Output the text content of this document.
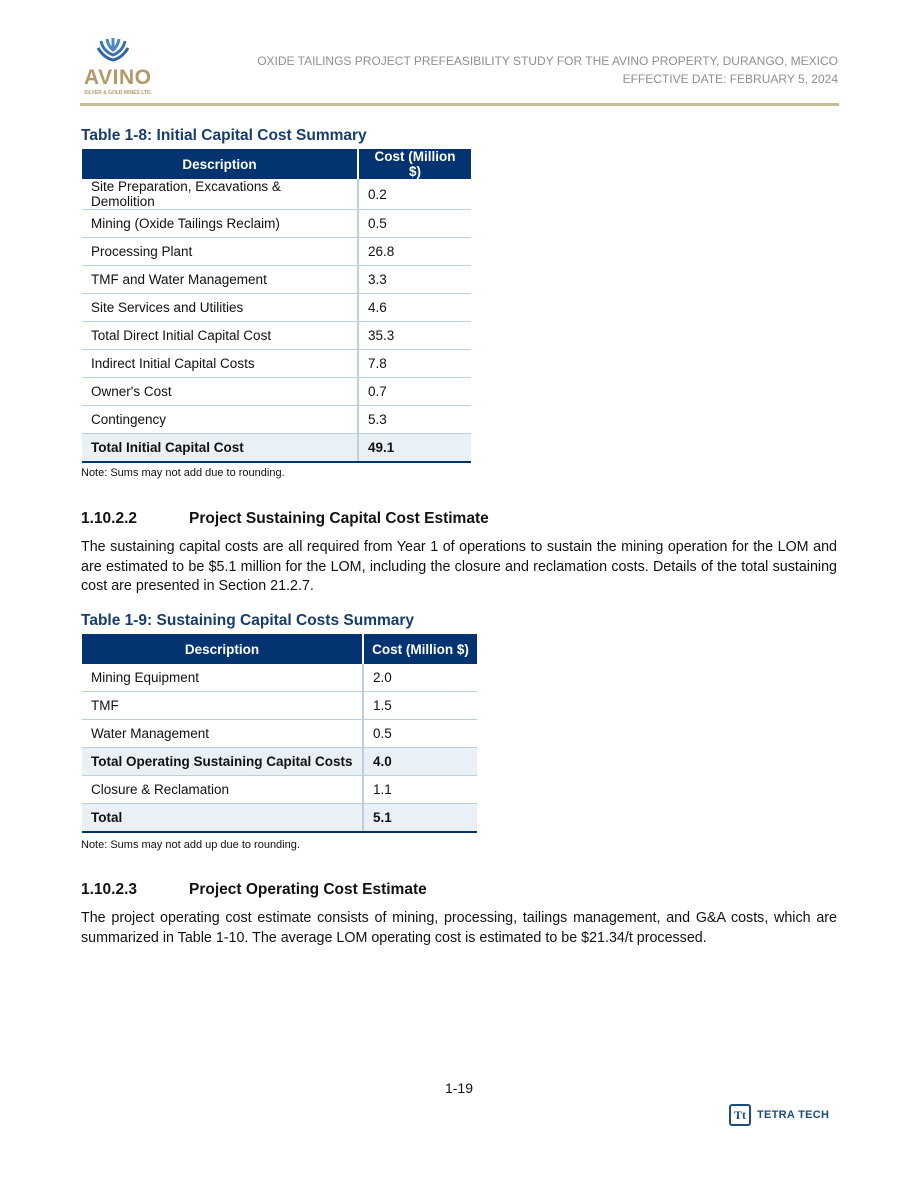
AVINO
SILVER & GOLD MINES LTD.
OXIDE TAILINGS PROJECT PREFEASIBILITY STUDY FOR THE AVINO PROPERTY, DURANGO, MEXICO
EFFECTIVE DATE: FEBRUARY 5, 2024
Table 1-8: Initial Capital Cost Summary
Description	Cost (Million $)
Site Preparation, Excavations & Demolition	0.2
Mining (Oxide Tailings Reclaim)	0.5
Processing Plant	26.8
TMF and Water Management	3.3
Site Services and Utilities	4.6
Total Direct Initial Capital Cost	35.3
Indirect Initial Capital Costs	7.8
Owner's Cost	0.7
Contingency	5.3
Total Initial Capital Cost	49.1
Note: Sums may not add due to rounding.
1.10.2.2	Project Sustaining Capital Cost Estimate
The sustaining capital costs are all required from Year 1 of operations to sustain the mining operation for the LOM and are estimated to be $5.1 million for the LOM, including the closure and reclamation costs. Details of the total sustaining cost are presented in Section 21.2.7.
Table 1-9: Sustaining Capital Costs Summary
Description	Cost (Million $)
Mining Equipment	2.0
TMF	1.5
Water Management	0.5
Total Operating Sustaining Capital Costs	4.0
Closure & Reclamation	1.1
Total	5.1
Note: Sums may not add up due to rounding.
1.10.2.3	Project Operating Cost Estimate
The project operating cost estimate consists of mining, processing, tailings management, and G&A costs, which are summarized in Table 1-10. The average LOM operating cost is estimated to be $21.34/t processed.
1-19
Tt	TETRA TECH
